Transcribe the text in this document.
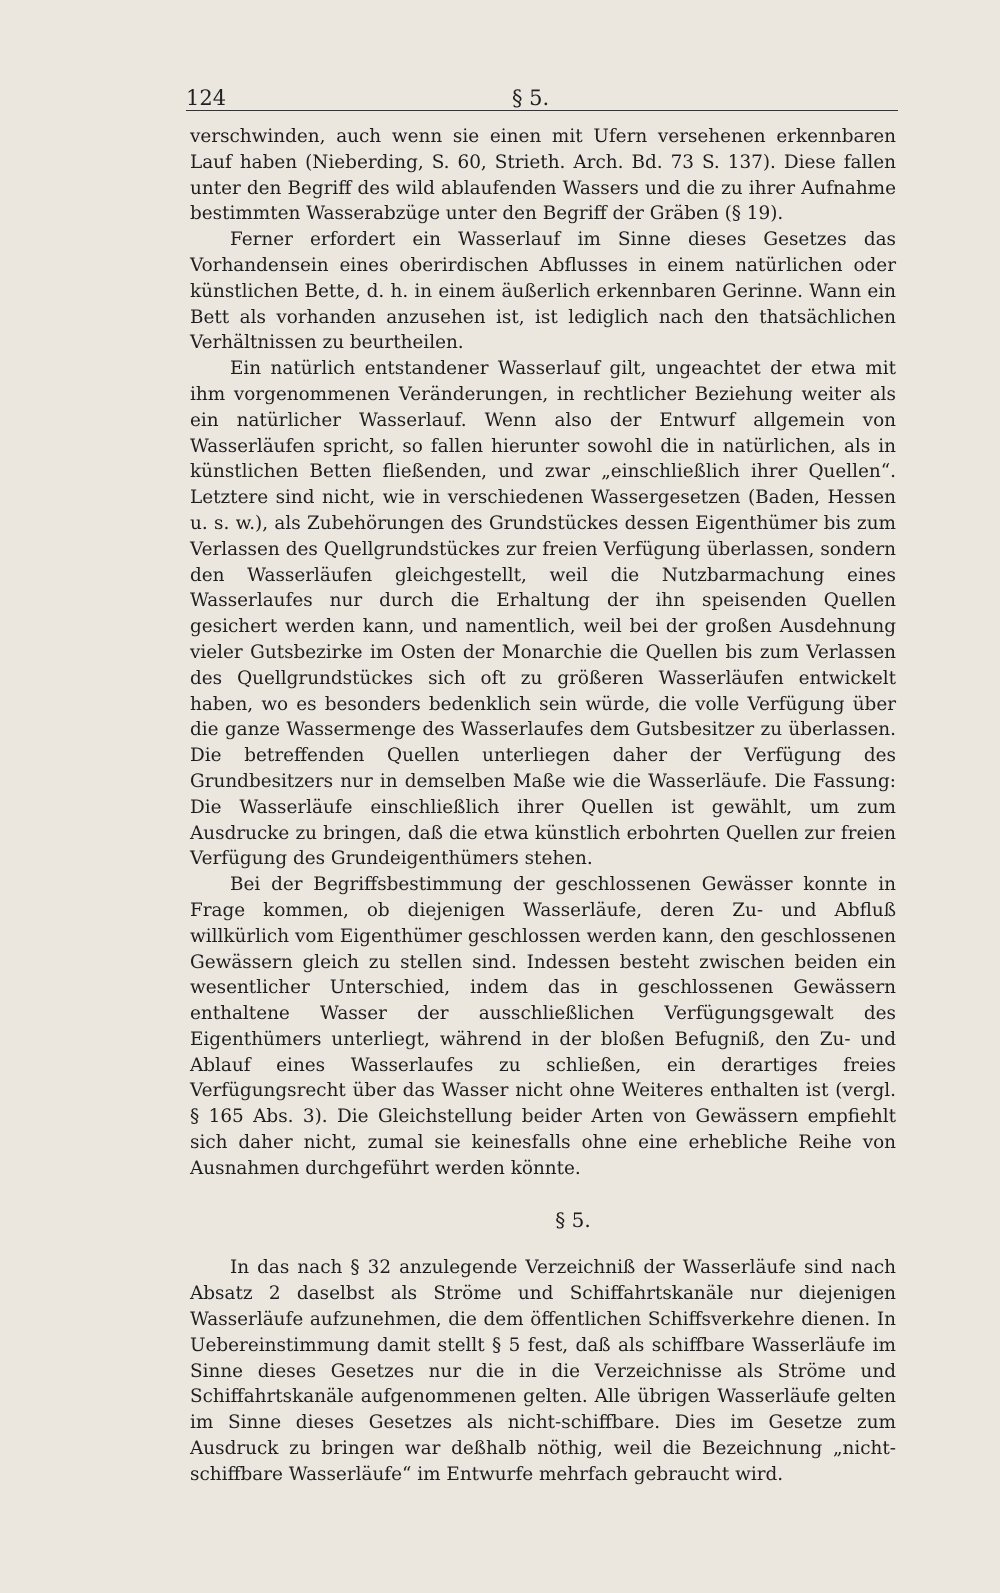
124	§ 5.

verschwinden, auch wenn sie einen mit Ufern versehenen erkennbaren Lauf haben (Nieberding, S. 60, Strieth. Arch. Bd. 73 S. 137). Diese fallen unter den Begriff des wild ablaufenden Wassers und die zu ihrer Aufnahme bestimmten Wasserabzüge unter den Begriff der Gräben (§ 19).

Ferner erfordert ein Wasserlauf im Sinne dieses Gesetzes das Vorhandensein eines oberirdischen Abflusses in einem natürlichen oder künstlichen Bette, d. h. in einem äußerlich erkennbaren Gerinne. Wann ein Bett als vorhanden anzusehen ist, ist lediglich nach den thatsächlichen Verhältnissen zu beurtheilen.

Ein natürlich entstandener Wasserlauf gilt, ungeachtet der etwa mit ihm vorgenommenen Veränderungen, in rechtlicher Beziehung weiter als ein natürlicher Wasserlauf. Wenn also der Entwurf allgemein von Wasserläufen spricht, so fallen hierunter sowohl die in natürlichen, als in künstlichen Betten fließenden, und zwar „einschließlich ihrer Quellen“. Letztere sind nicht, wie in verschiedenen Wassergesetzen (Baden, Hessen u. s. w.), als Zubehörungen des Grundstückes dessen Eigenthümer bis zum Verlassen des Quellgrundstückes zur freien Verfügung überlassen, sondern den Wasserläufen gleichgestellt, weil die Nutzbarmachung eines Wasserlaufes nur durch die Erhaltung der ihn speisenden Quellen gesichert werden kann, und namentlich, weil bei der großen Ausdehnung vieler Gutsbezirke im Osten der Monarchie die Quellen bis zum Verlassen des Quellgrundstückes sich oft zu größeren Wasserläufen entwickelt haben, wo es besonders bedenklich sein würde, die volle Verfügung über die ganze Wassermenge des Wasserlaufes dem Gutsbesitzer zu überlassen. Die betreffenden Quellen unterliegen daher der Verfügung des Grundbesitzers nur in demselben Maße wie die Wasserläufe. Die Fassung: Die Wasserläufe einschließlich ihrer Quellen ist gewählt, um zum Ausdrucke zu bringen, daß die etwa künstlich erbohrten Quellen zur freien Verfügung des Grundeigenthümers stehen.

Bei der Begriffsbestimmung der geschlossenen Gewässer konnte in Frage kommen, ob diejenigen Wasserläufe, deren Zu- und Abfluß willkürlich vom Eigenthümer geschlossen werden kann, den geschlossenen Gewässern gleich zu stellen sind. Indessen besteht zwischen beiden ein wesentlicher Unterschied, indem das in geschlossenen Gewässern enthaltene Wasser der ausschließlichen Verfügungsgewalt des Eigenthümers unterliegt, während in der bloßen Befugniß, den Zu- und Ablauf eines Wasserlaufes zu schließen, ein derartiges freies Verfügungsrecht über das Wasser nicht ohne Weiteres enthalten ist (vergl. § 165 Abs. 3). Die Gleichstellung beider Arten von Gewässern empfiehlt sich daher nicht, zumal sie keinesfalls ohne eine erhebliche Reihe von Ausnahmen durchgeführt werden könnte.

§ 5.

In das nach § 32 anzulegende Verzeichniß der Wasserläufe sind nach Absatz 2 daselbst als Ströme und Schiffahrtskanäle nur diejenigen Wasserläufe aufzunehmen, die dem öffentlichen Schiffsverkehre dienen. In Uebereinstimmung damit stellt § 5 fest, daß als schiffbare Wasserläufe im Sinne dieses Gesetzes nur die in die Verzeichnisse als Ströme und Schiffahrtskanäle aufgenommenen gelten. Alle übrigen Wasserläufe gelten im Sinne dieses Gesetzes als nicht-schiffbare. Dies im Gesetze zum Ausdruck zu bringen war deßhalb nöthig, weil die Bezeichnung „nicht-schiffbare Wasserläufe“ im Entwurfe mehrfach gebraucht wird.
